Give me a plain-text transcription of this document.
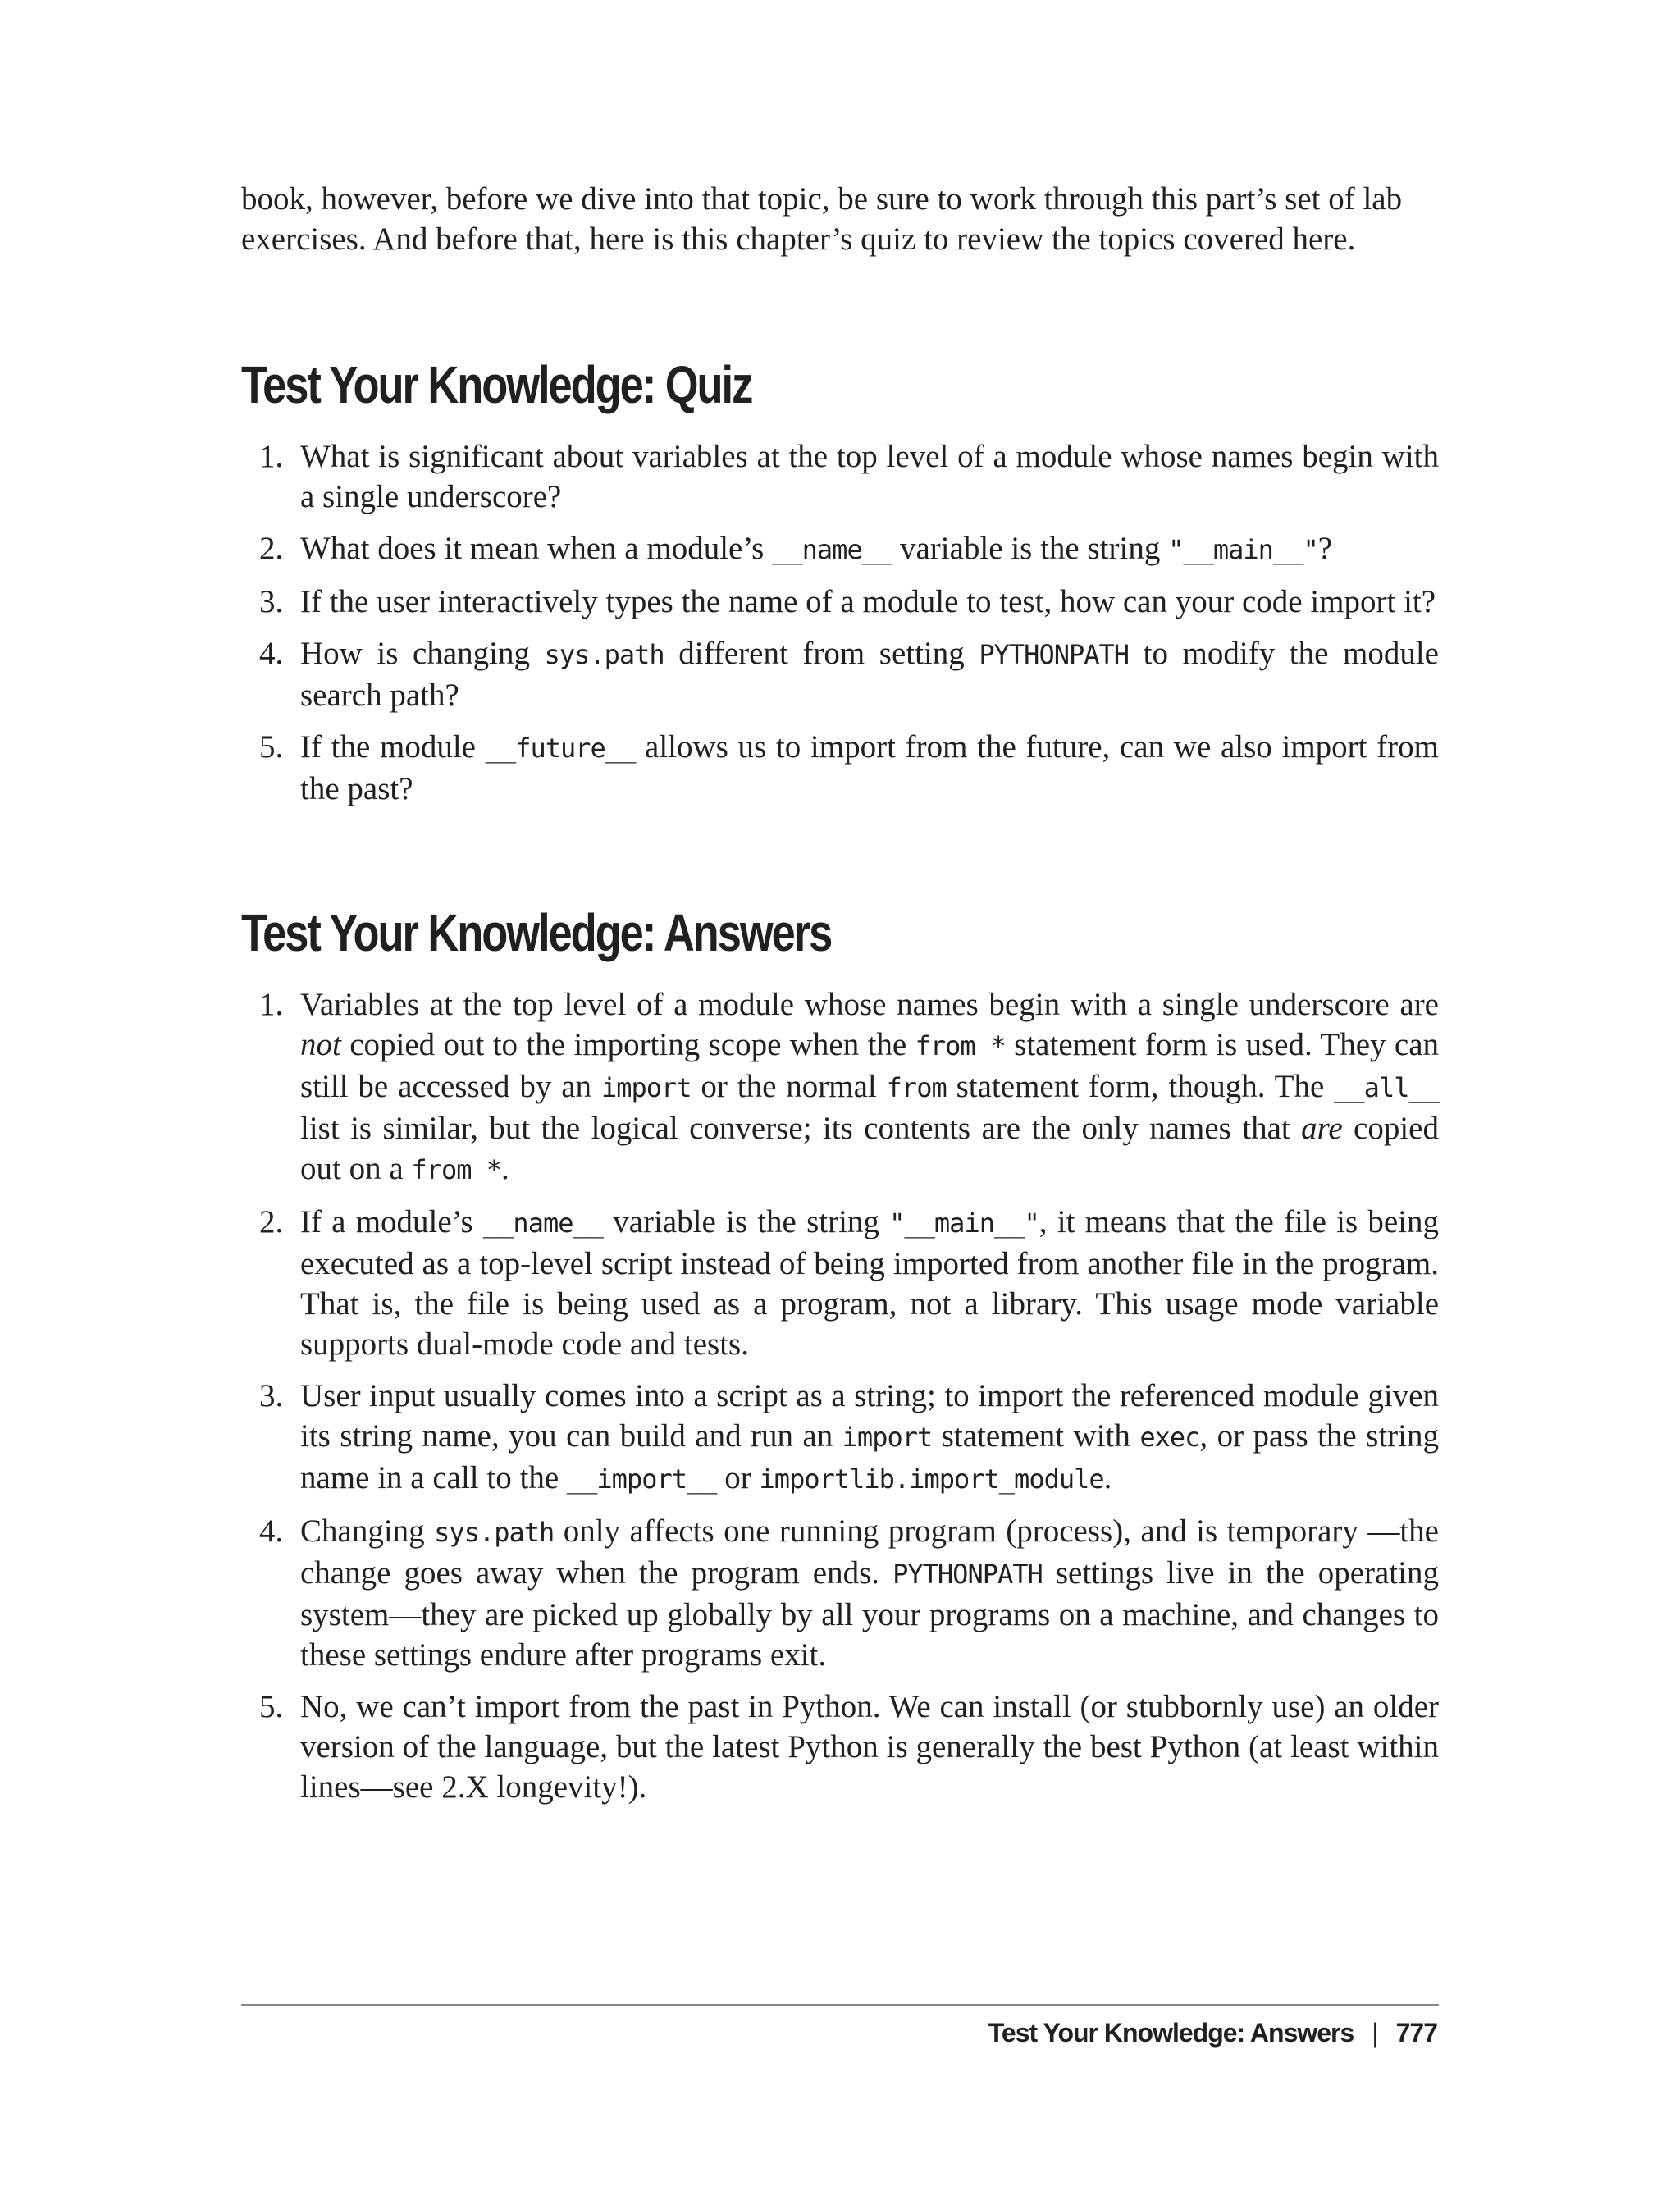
book, however, before we dive into that topic, be sure to work through this part’s set of lab exercises. And before that, here is this chapter’s quiz to review the topics covered here.

Test Your Knowledge: Quiz
1. What is significant about variables at the top level of a module whose names begin with a single underscore?
2. What does it mean when a module’s __name__ variable is the string "__main__"?
3. If the user interactively types the name of a module to test, how can your code import it?
4. How is changing sys.path different from setting PYTHONPATH to modify the module search path?
5. If the module __future__ allows us to import from the future, can we also import from the past?
Test Your Knowledge: Answers
1. Variables at the top level of a module whose names begin with a single underscore are not copied out to the importing scope when the from * statement form is used. They can still be accessed by an import or the normal from statement form, though. The __all__ list is similar, but the logical converse; its contents are the only names that are copied out on a from *.
2. If a module’s __name__ variable is the string "__main__", it means that the file is being executed as a top-level script instead of being imported from another file in the program. That is, the file is being used as a program, not a library. This usage mode variable supports dual-mode code and tests.
3. User input usually comes into a script as a string; to import the referenced module given its string name, you can build and run an import statement with exec, or pass the string name in a call to the __import__ or importlib.import_module.
4. Changing sys.path only affects one running program (process), and is temporary —the change goes away when the program ends. PYTHONPATH settings live in the operating system—they are picked up globally by all your programs on a machine, and changes to these settings endure after programs exit.
5. No, we can’t import from the past in Python. We can install (or stubbornly use) an older version of the language, but the latest Python is generally the best Python (at least within lines—see 2.X longevity!).
Test Your Knowledge: Answers | 777
